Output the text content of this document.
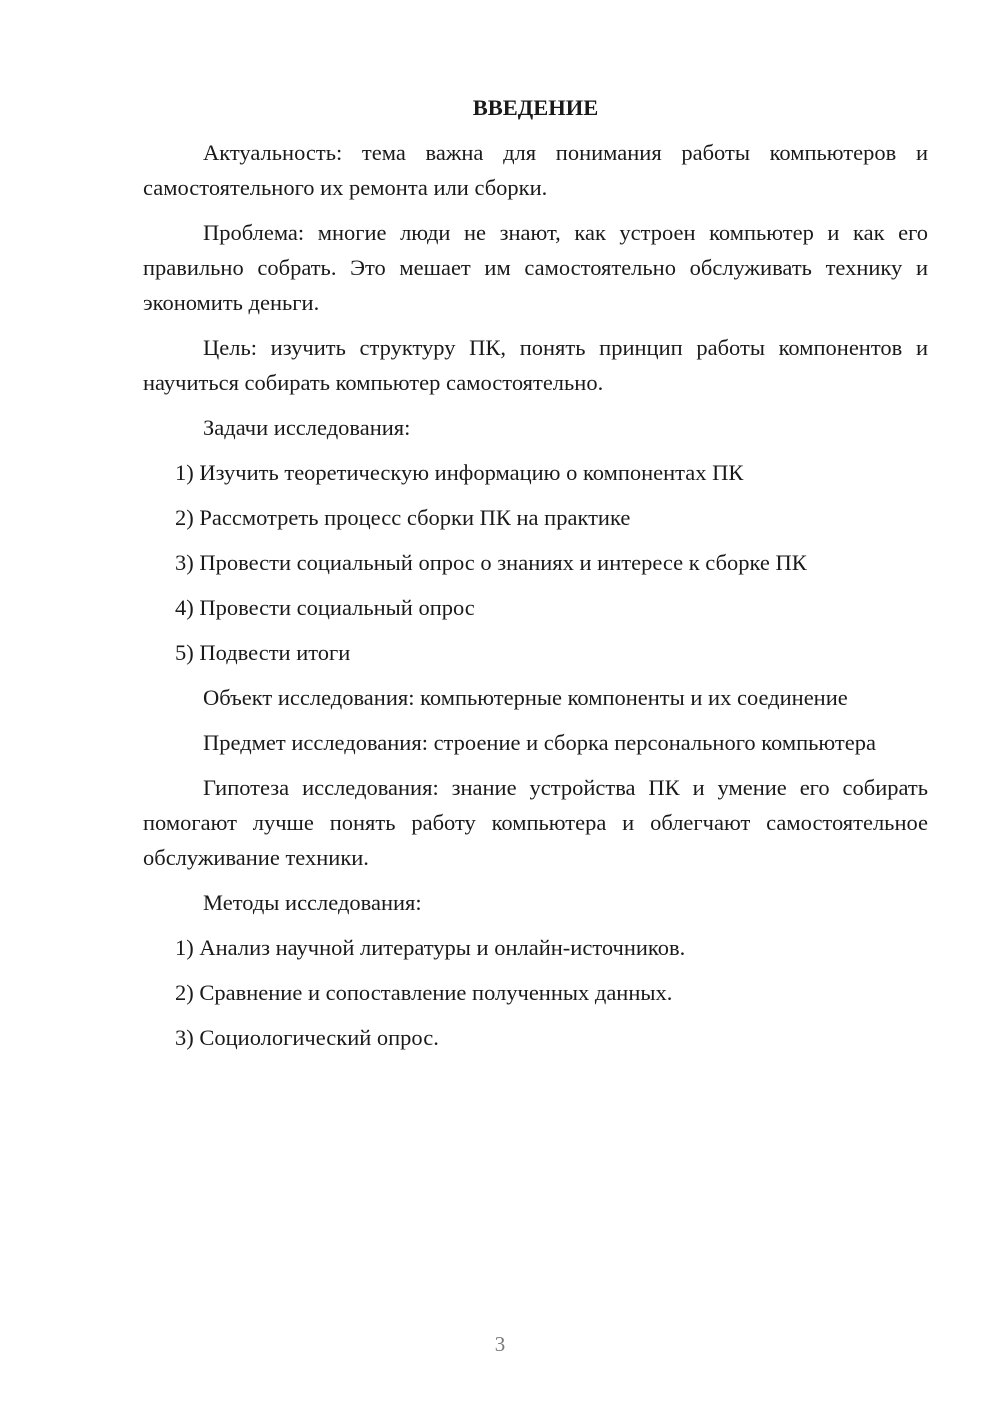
ВВЕДЕНИЕ

Актуальность: тема важна для понимания работы компьютеров и самостоятельного их ремонта или сборки.

Проблема: многие люди не знают, как устроен компьютер и как его правильно собрать. Это мешает им самостоятельно обслуживать технику и экономить деньги.

Цель: изучить структуру ПК, понять принцип работы компонентов и научиться собирать компьютер самостоятельно.

Задачи исследования:

1) Изучить теоретическую информацию о компонентах ПК
2) Рассмотреть процесс сборки ПК на практике
3) Провести социальный опрос о знаниях и интересе к сборке ПК
4) Провести социальный опрос
5) Подвести итоги

Объект исследования: компьютерные компоненты и их соединение

Предмет исследования: строение и сборка персонального компьютера

Гипотеза исследования: знание устройства ПК и умение его собирать помогают лучше понять работу компьютера и облегчают самостоятельное обслуживание техники.

Методы исследования:

1) Анализ научной литературы и онлайн-источников.
2) Сравнение и сопоставление полученных данных.
3) Социологический опрос.
3
